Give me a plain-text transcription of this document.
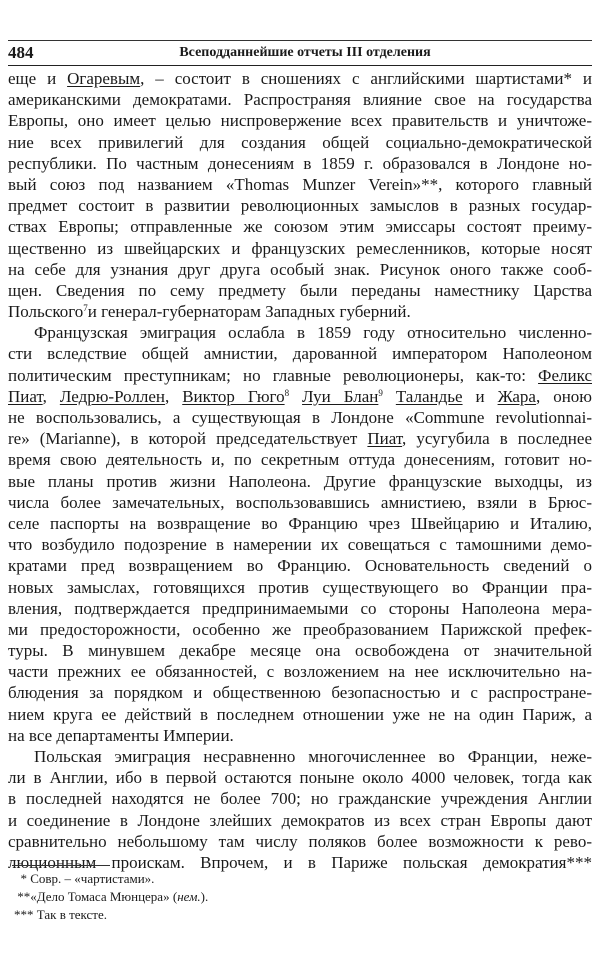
484	Всеподданнейшие отчеты III отделения
еще и Огаревым, – состоит в сношениях с английскими шартистами* и
американскими демократами. Распространяя влияние свое на государства
Европы, оно имеет целью ниспровержение всех правительств и уничтоже-
ние всех привилегий для создания общей социально-демократической
республики. По частным донесениям в 1859 г. образовался в Лондоне но-
вый союз под названием «Thomas Munzer Verein»**, которого главный
предмет состоит в развитии революционных замыслов в разных государ-
ствах Европы; отправленные же союзом этим эмиссары состоят преиму-
щественно из швейцарских и французских ремесленников, которые носят
на себе для узнания друг друга особый знак. Рисунок оного также сооб-
щен. Сведения по сему предмету были переданы наместнику Царства
Польского$^7$и генерал-губернаторам Западных губерний.
Французская эмиграция ослабла в 1859 году относительно численно-
сти вследствие общей амнистии, дарованной императором Наполеоном
политическим преступникам; но главные революционеры, как-то: Феликс
Пиат, Ледрю-Роллен, Виктор Гюго$^8$ Луи Блан$^9$ Таландье и Жара, оною
не воспользовались, а существующая в Лондоне «Commune revolutionnai-
re» (Marianne), в которой председательствует Пиат, усугубила в последнее
время свою деятельность и, по секретным оттуда донесениям, готовит но-
вые планы против жизни Наполеона. Другие французские выходцы, из
числа более замечательных, воспользовавшись амнистиею, взяли в Брюс-
селе паспорты на возвращение во Францию чрез Швейцарию и Италию,
что возбудило подозрение в намерении их совещаться с тамошними демо-
кратами пред возвращением во Францию. Основательность сведений о
новых замыслах, готовящихся против существующего во Франции пра-
вления, подтверждается предпринимаемыми со стороны Наполеона мера-
ми предосторожности, особенно же преобразованием Парижской префек-
туры. В минувшем декабре месяце она освобождена от значительной
части прежних ее обязанностей, с возложением на нее исключительно на-
блюдения за порядком и общественною безопасностью и с распростране-
нием круга ее действий в последнем отношении уже не на один Париж, а
на все департаменты Империи.
Польская эмиграция несравненно многочисленнее во Франции, неже-
ли в Англии, ибо в первой остаются поныне около 4000 человек, тогда как
в последней находятся не более 700; но гражданские учреждения Англии
и соединение в Лондоне злейших демократов из всех стран Европы дают
сравнительно небольшому там числу поляков более возможности к рево-
люционным проискам. Впрочем, и в Париже польская демократия***
* Совр. – «чартистами».
**«Дело Томаса Мюнцера» (нем.).
*** Так в тексте.
